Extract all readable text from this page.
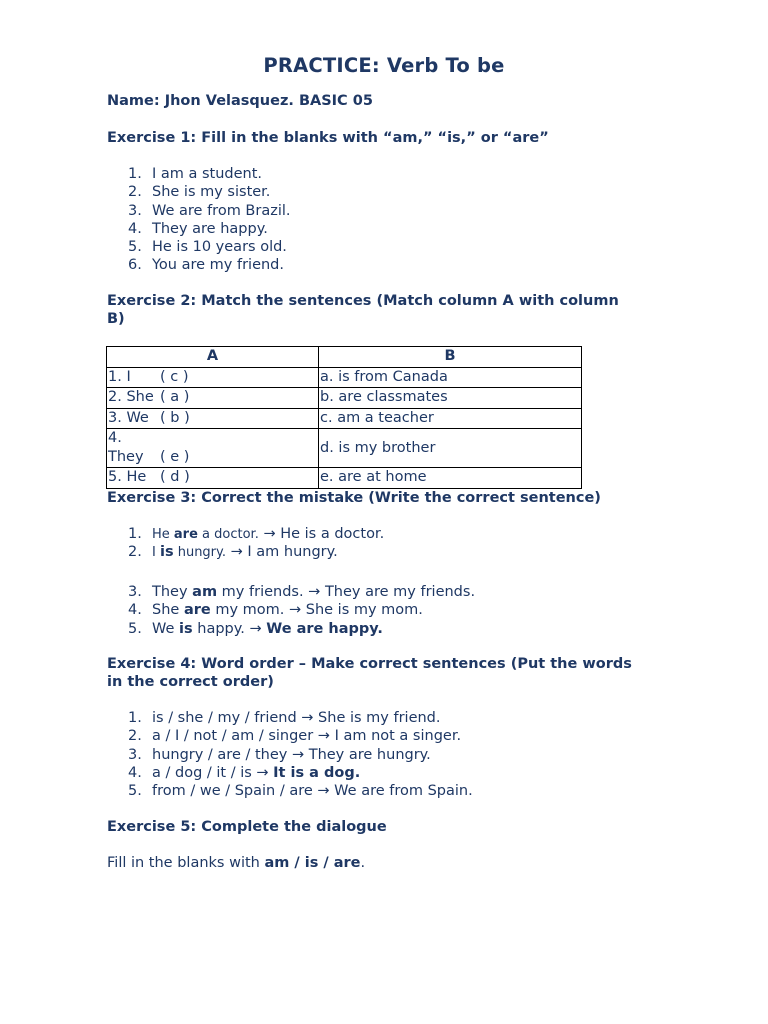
PRACTICE: Verb To be
Name: Jhon Velasquez. BASIC 05
Exercise 1: Fill in the blanks with “am,” “is,” or “are”
1. I am a student.
2. She is my sister.
3. We are from Brazil.
4. They are happy.
5. He is 10 years old.
6. You are my friend.
Exercise 2: Match the sentences (Match column A with column
B)
A	B
1. I ( c )	a. is from Canada
2. She ( a )	b. are classmates
3. We ( b )	c. am a teacher
4. They ( e )	d. is my brother
5. He ( d )	e. are at home
Exercise 3: Correct the mistake (Write the correct sentence)
1. He are a doctor. → He is a doctor.
2. I is hungry. → I am hungry.
3. They am my friends. → They are my friends.
4. She are my mom. → She is my mom.
5. We is happy. → We are happy.
Exercise 4: Word order – Make correct sentences (Put the words
in the correct order)
1. is / she / my / friend → She is my friend.
2. a / I / not / am / singer → I am not a singer.
3. hungry / are / they → They are hungry.
4. a / dog / it / is → It is a dog.
5. from / we / Spain / are → We are from Spain.
Exercise 5: Complete the dialogue
Fill in the blanks with am / is / are.
